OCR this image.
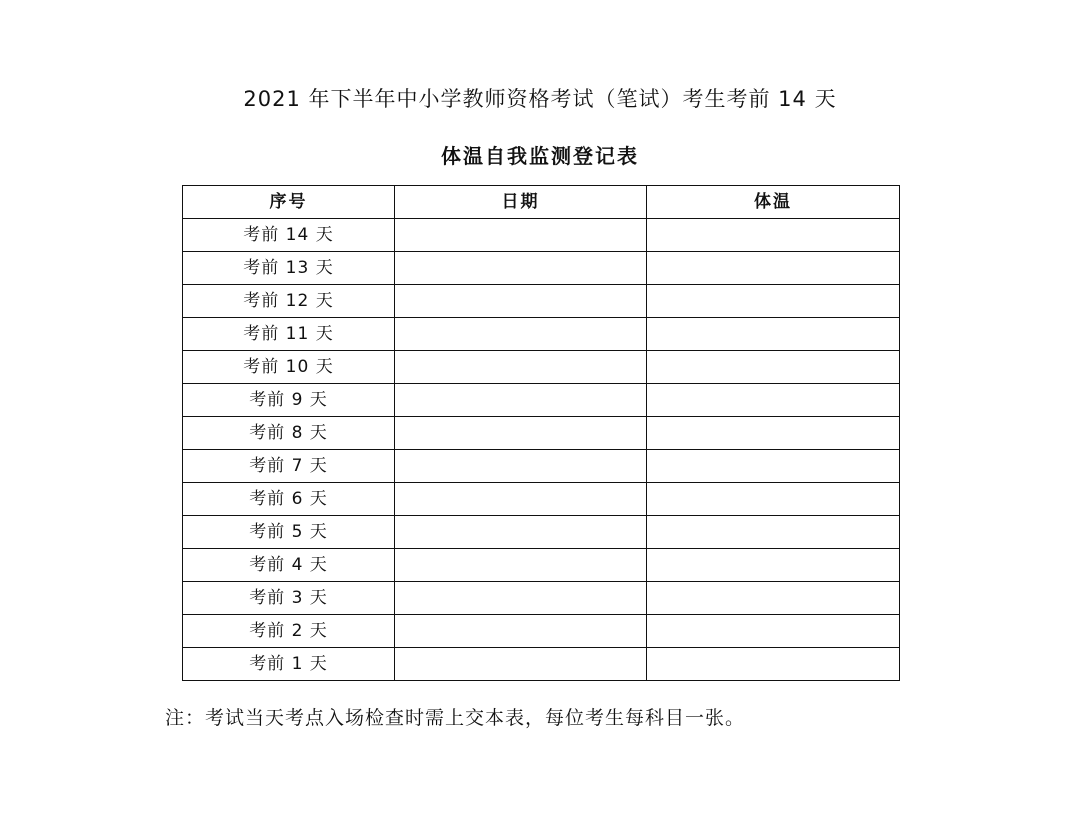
2021 年下半年中小学教师资格考试（笔试）考生考前 14 天
体温自我监测登记表
序号	日期	体温
考前 14 天		
考前 13 天		
考前 12 天		
考前 11 天		
考前 10 天		
考前 9 天		
考前 8 天		
考前 7 天		
考前 6 天		
考前 5 天		
考前 4 天		
考前 3 天		
考前 2 天		
考前 1 天		

注：考试当天考点入场检查时需上交本表，每位考生每科目一张。
